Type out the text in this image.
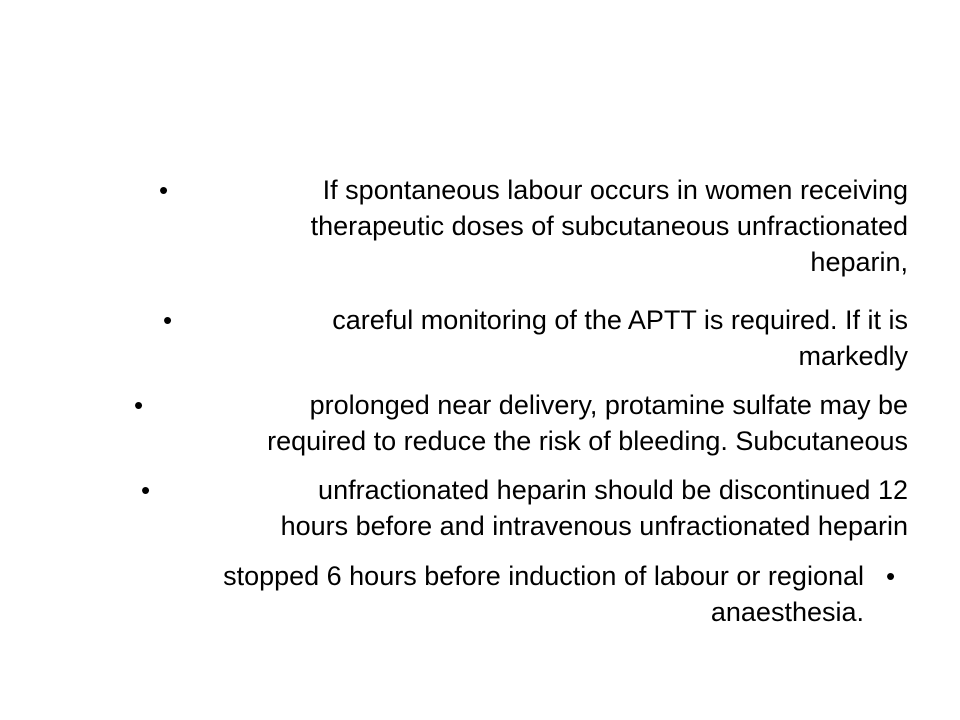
•	If spontaneous labour occurs in women receiving
therapeutic doses of subcutaneous unfractionated
heparin,
•	careful monitoring of the APTT is required. If it is
markedly
•	prolonged near delivery, protamine sulfate may be
required to reduce the risk of bleeding. Subcutaneous
•	unfractionated heparin should be discontinued 12
hours before and intravenous unfractionated heparin
stopped 6 hours before induction of labour or regional
anaesthesia.
•
